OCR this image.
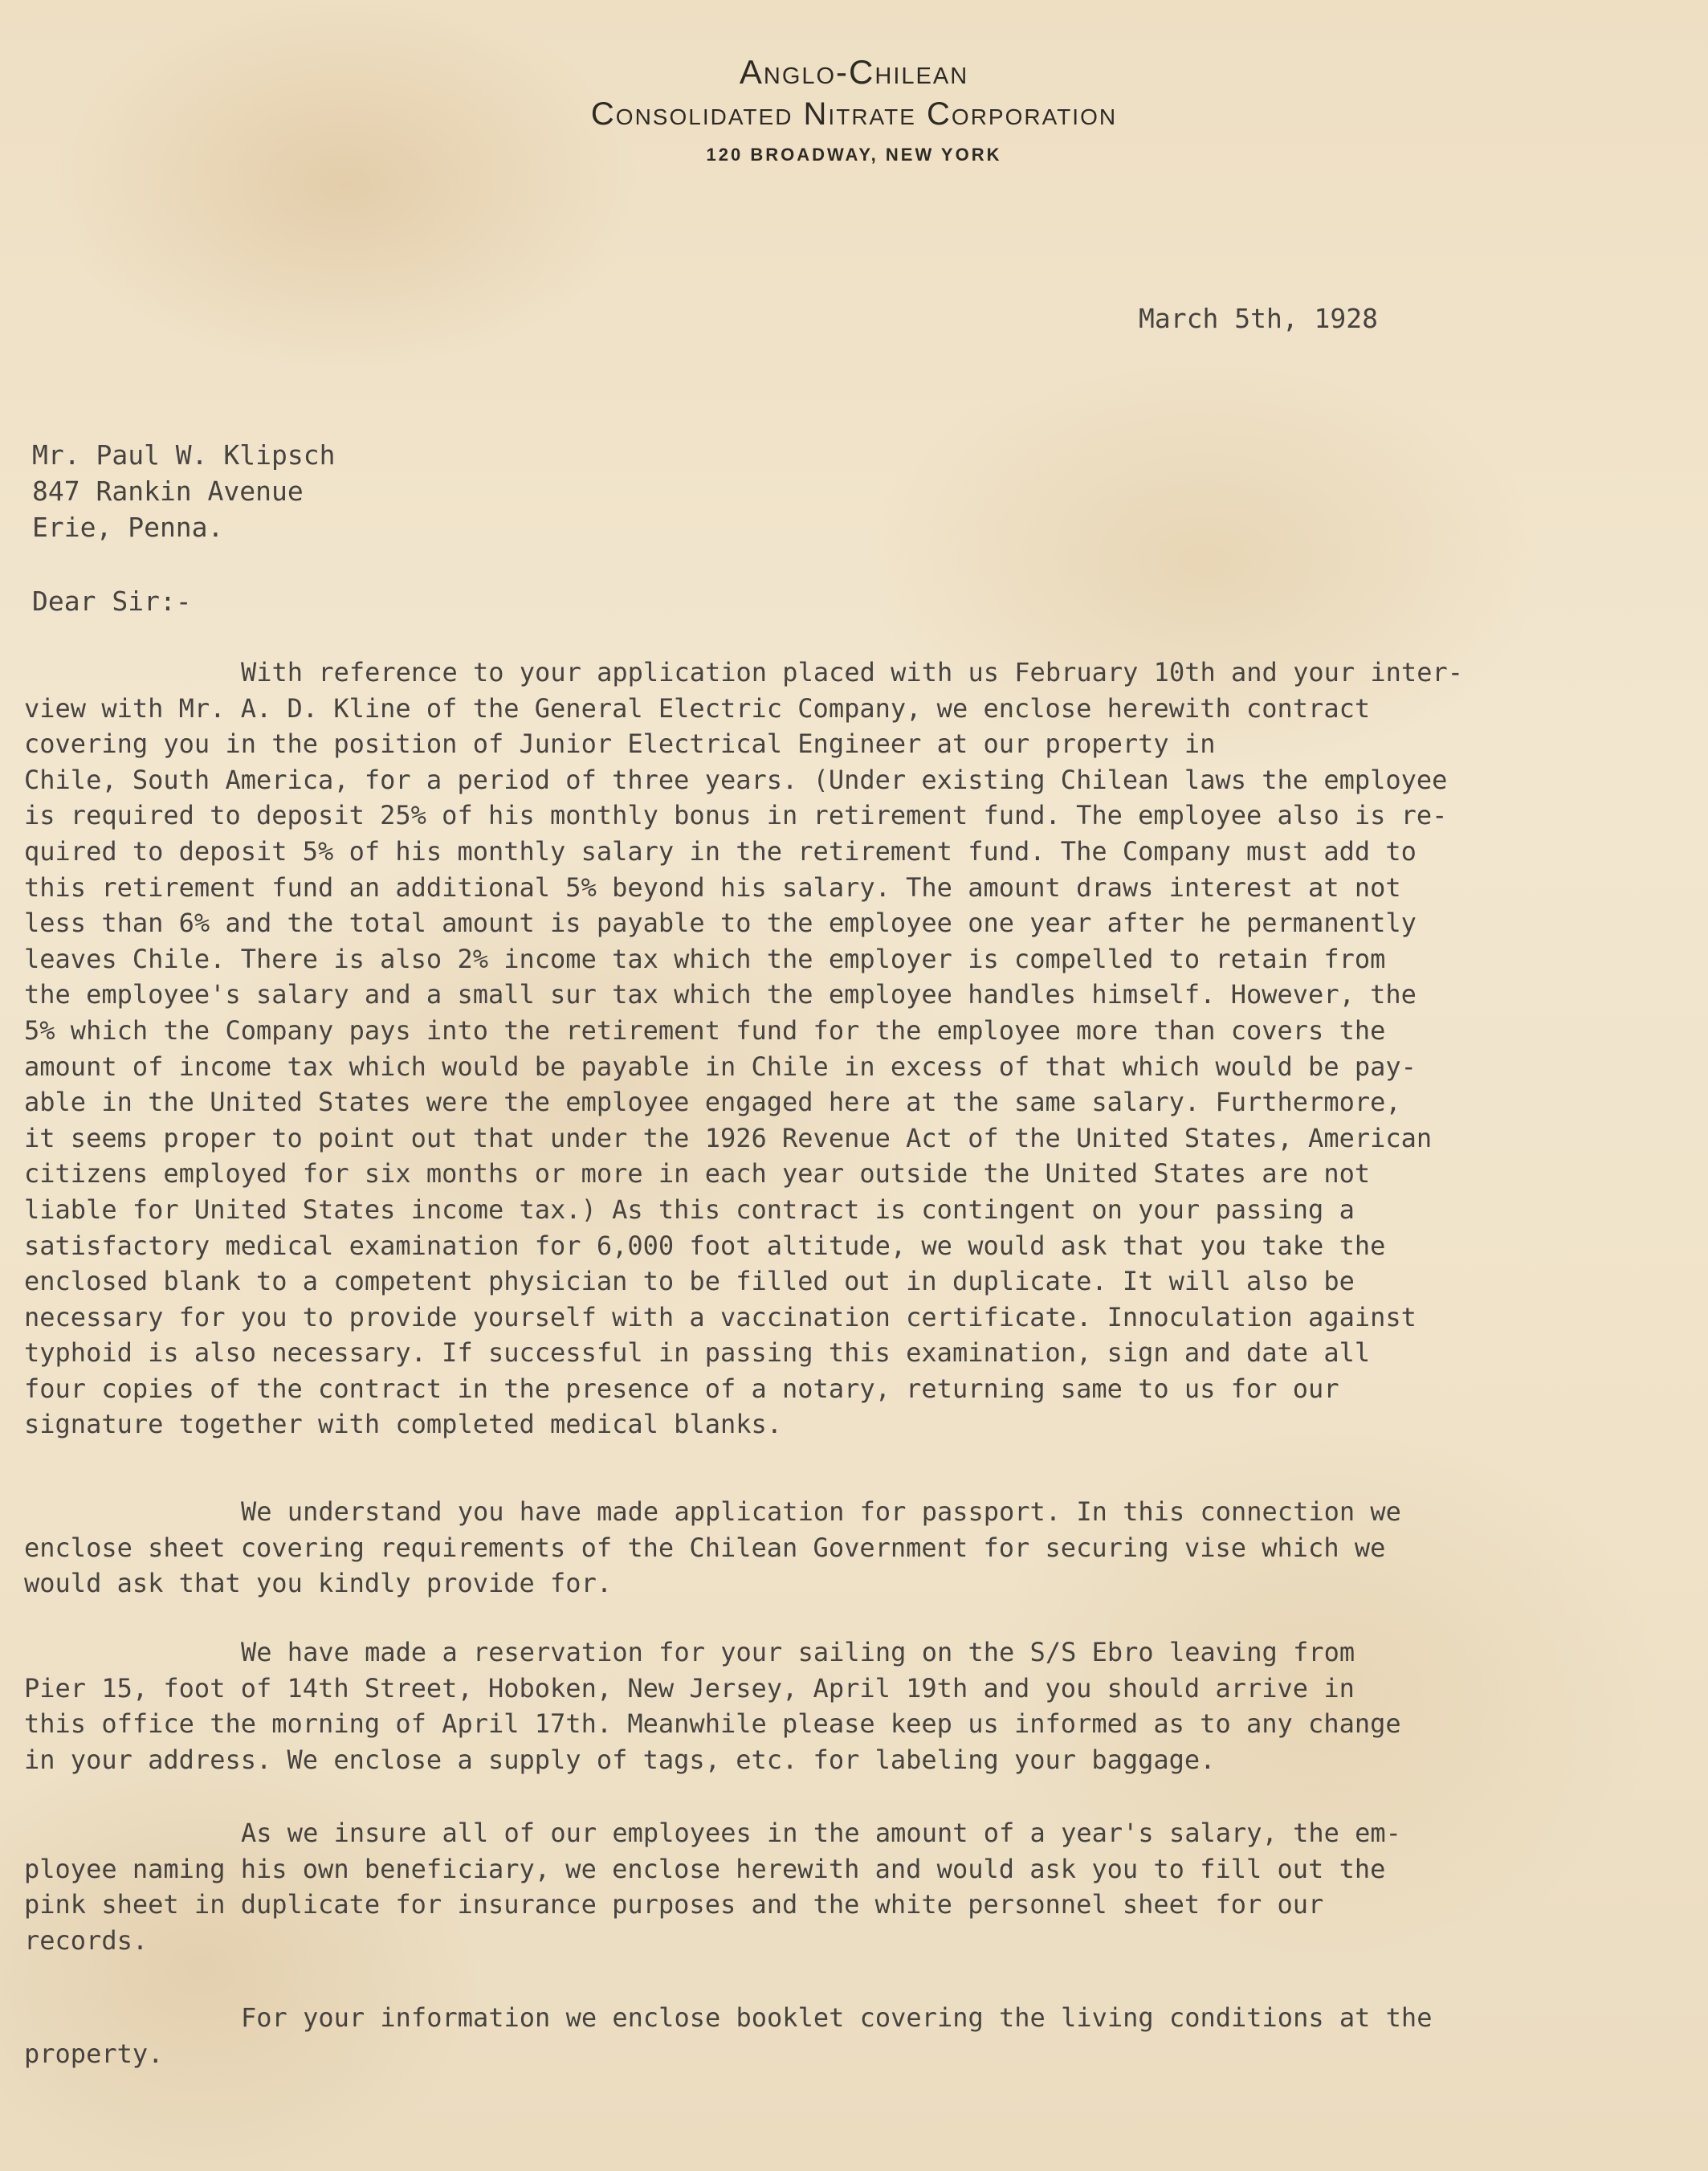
Anglo-Chilean
Consolidated Nitrate Corporation
120 BROADWAY, NEW YORK
March 5th, 1928
Mr. Paul W. Klipsch
847 Rankin Avenue
Erie, Penna.
Dear Sir:-
With reference to your application placed with us February 10th and your inter-
view with Mr. A. D. Kline of the General Electric Company, we enclose herewith contract
covering you in the position of Junior Electrical Engineer at our property in
Chile, South America, for a period of three years. (Under existing Chilean laws the employee
is required to deposit 25% of his monthly bonus in retirement fund. The employee also is re-
quired to deposit 5% of his monthly salary in the retirement fund. The Company must add to
this retirement fund an additional 5% beyond his salary. The amount draws interest at not
less than 6% and the total amount is payable to the employee one year after he permanently
leaves Chile. There is also 2% income tax which the employer is compelled to retain from
the employee's salary and a small sur tax which the employee handles himself. However, the
5% which the Company pays into the retirement fund for the employee more than covers the
amount of income tax which would be payable in Chile in excess of that which would be pay-
able in the United States were the employee engaged here at the same salary. Furthermore,
it seems proper to point out that under the 1926 Revenue Act of the United States, American
citizens employed for six months or more in each year outside the United States are not
liable for United States income tax.) As this contract is contingent on your passing a
satisfactory medical examination for 6,000 foot altitude, we would ask that you take the
enclosed blank to a competent physician to be filled out in duplicate. It will also be
necessary for you to provide yourself with a vaccination certificate. Innoculation against
typhoid is also necessary. If successful in passing this examination, sign and date all
four copies of the contract in the presence of a notary, returning same to us for our
signature together with completed medical blanks.
We understand you have made application for passport. In this connection we
enclose sheet covering requirements of the Chilean Government for securing vise which we
would ask that you kindly provide for.
We have made a reservation for your sailing on the S/S Ebro leaving from
Pier 15, foot of 14th Street, Hoboken, New Jersey, April 19th and you should arrive in
this office the morning of April 17th. Meanwhile please keep us informed as to any change
in your address. We enclose a supply of tags, etc. for labeling your baggage.
As we insure all of our employees in the amount of a year's salary, the em-
ployee naming his own beneficiary, we enclose herewith and would ask you to fill out the
pink sheet in duplicate for insurance purposes and the white personnel sheet for our
records.
For your information we enclose booklet covering the living conditions at the
property.
